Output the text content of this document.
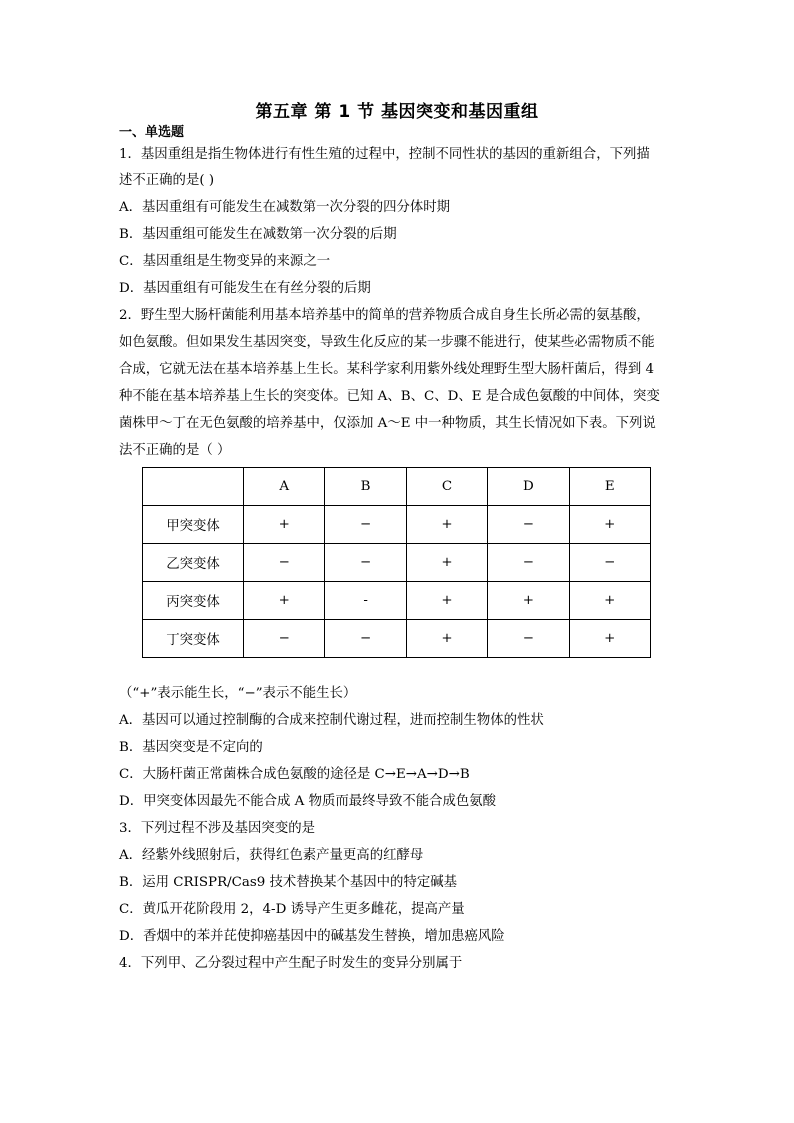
第五章 第 1 节 基因突变和基因重组
一、单选题
1．基因重组是指生物体进行有性生殖的过程中，控制不同性状的基因的重新组合，下列描
述不正确的是( )
A．基因重组有可能发生在减数第一次分裂的四分体时期
B．基因重组可能发生在减数第一次分裂的后期
C．基因重组是生物变异的来源之一
D．基因重组有可能发生在有丝分裂的后期
2．野生型大肠杆菌能利用基本培养基中的简单的营养物质合成自身生长所必需的氨基酸，
如色氨酸。但如果发生基因突变，导致生化反应的某一步骤不能进行，使某些必需物质不能
合成，它就无法在基本培养基上生长。某科学家利用紫外线处理野生型大肠杆菌后，得到 4
种不能在基本培养基上生长的突变体。已知 A、B、C、D、E 是合成色氨酸的中间体，突变
菌株甲～丁在无色氨酸的培养基中，仅添加 A～E 中一种物质，其生长情况如下表。下列说
法不正确的是（ ）
	A	B	C	D	E
甲突变体	+	−	+	−	+
乙突变体	−	−	+	−	−
丙突变体	+	-	+	+	+
丁突变体	−	−	+	−	+
（“+”表示能生长，“−”表示不能生长）
A．基因可以通过控制酶的合成来控制代谢过程，进而控制生物体的性状
B．基因突变是不定向的
C．大肠杆菌正常菌株合成色氨酸的途径是 C→E→A→D→B
D．甲突变体因最先不能合成 A 物质而最终导致不能合成色氨酸
3．下列过程不涉及基因突变的是
A．经紫外线照射后，获得红色素产量更高的红酵母
B．运用 CRISPR/Cas9 技术替换某个基因中的特定碱基
C．黄瓜开花阶段用 2，4-D 诱导产生更多雌花，提高产量
D．香烟中的苯并芘使抑癌基因中的碱基发生替换，增加患癌风险
4．下列甲、乙分裂过程中产生配子时发生的变异分别属于
